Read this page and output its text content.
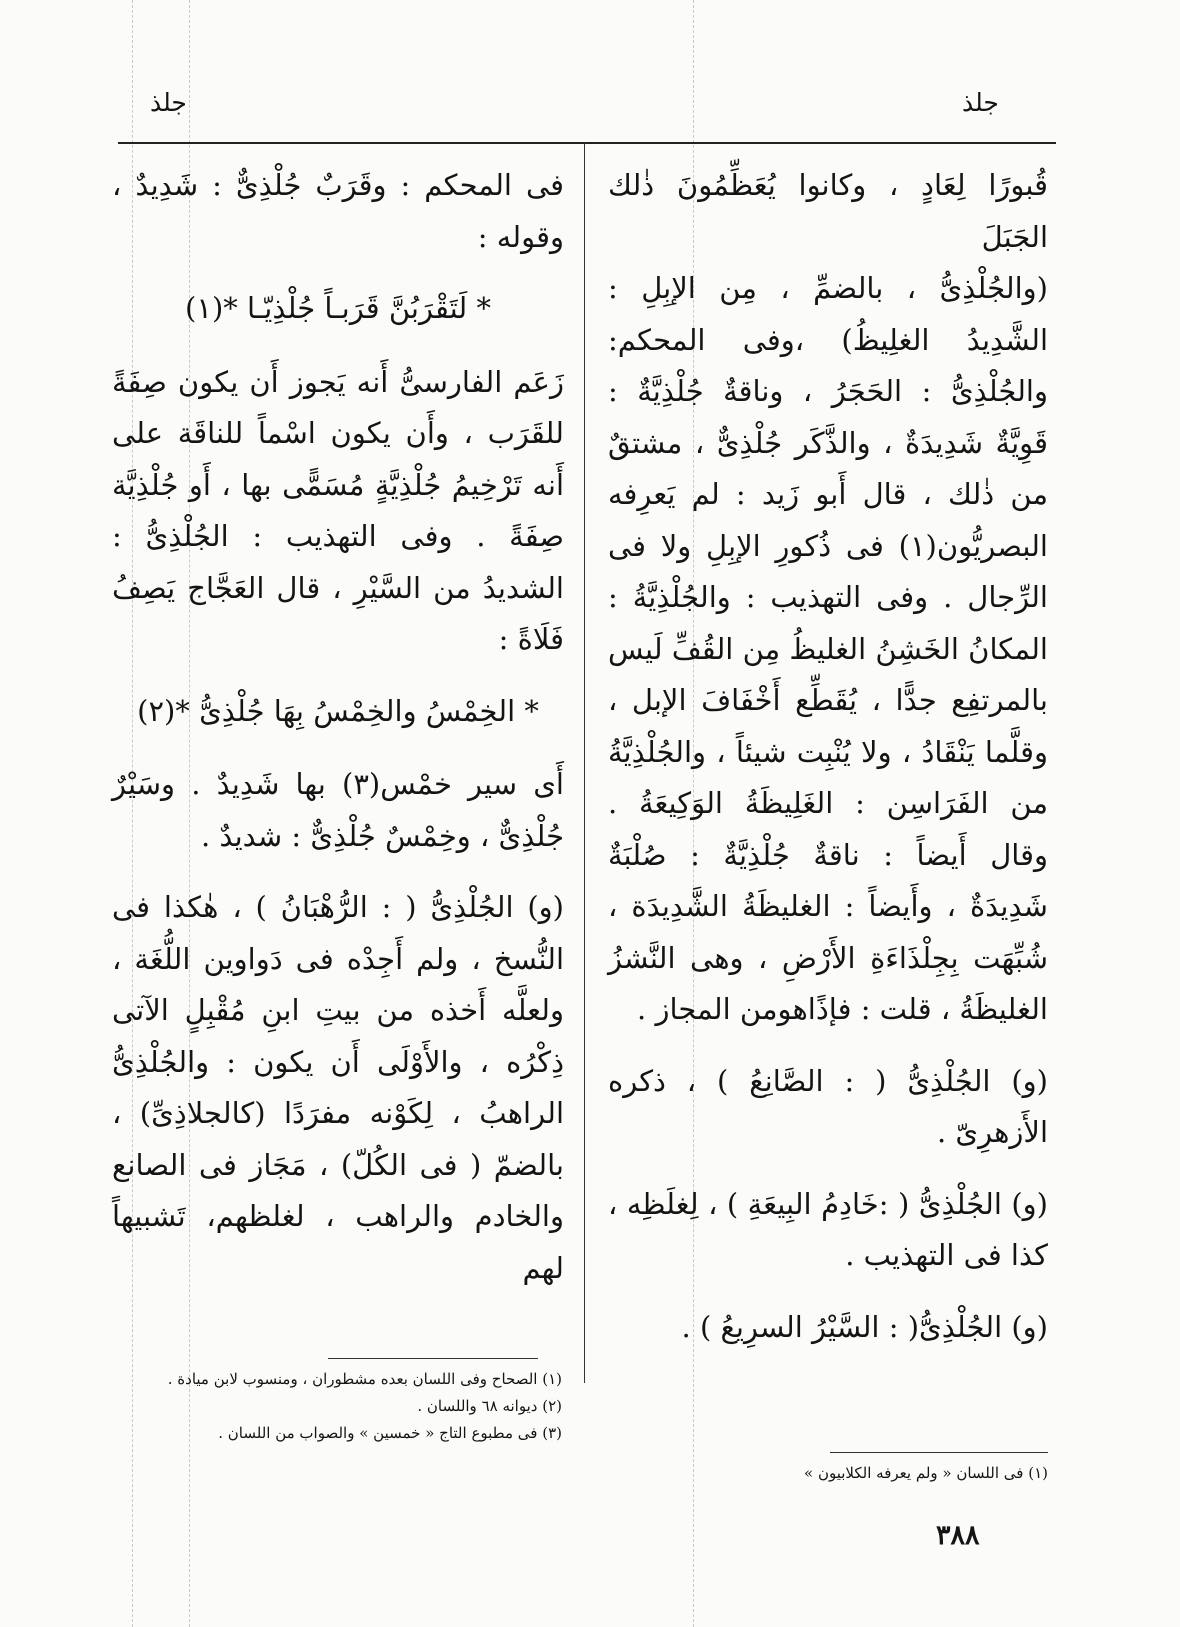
جلذ
جلذ

قُبورًا لِعَادٍ ، وكانوا يُعَظِّمُونَ ذٰلك الجَبَلَ

(والجُلْذِىُّ ، بالضمِّ ، مِن الإبِلِ : الشَّدِيدُ الغلِيظُ) ،وفى المحكم: والجُلْذِىُّ : الحَجَرُ ، وناقةٌ جُلْذِيَّةٌ : قَوِيَّةٌ شَدِيدَةٌ ، والذَّكَر جُلْذِىٌّ ، مشتقٌ من ذٰلك ، قال أَبو زَيد : لم يَعرِفه البصريُّون(١) فى ذُكورِ الإبِلِ ولا فى الرِّجال . وفى التهذيب : والجُلْذِيَّةُ : المكانُ الخَشِنُ الغليظُ مِن القُفِّ لَيس بالمرتفِع جدًّا ، يُقَطِّع أَخْفَافَ الإبل ، وقلَّما يَنْقَادُ ، ولا يُنْبِت شيئاً ، والجُلْذِيَّةُ من الفَرَاسِن : الغَلِيظَةُ الوَكِيعَةُ . وقال أَيضاً : ناقةٌ جُلْذِيَّةٌ : صُلْبَةٌ شَدِيدَةٌ ، وأَيضاً : الغليظَةُ الشَّدِيدَة ، شُبِّهَت بِجِلْذَاءَةِ الأَرْضِ ، وهى النَّشزُ الغليظَةُ ، قلت : فإذًاهومن المجاز .

(و) الجُلْذِىُّ ( : الصَّانِعُ ) ، ذكره الأَزهرِىّ .

(و) الجُلْذِىُّ ( :خَادِمُ البِيعَةِ ) ، لِغلَظِه ، كذا فى التهذيب .

(و) الجُلْذِىُّ( : السَّيْرُ السرِيعُ ) .

فى المحكم : وقَرَبٌ جُلْذِىٌّ : شَدِيدٌ ، وقوله :

* لَتَقْرَبُنَّ قَرَبـاً جُلْذِيّـا *(١)

زَعَم الفارسىُّ أَنه يَجوز أَن يكون صِفَةً للقَرَب ، وأَن يكون اسْماً للناقَة على أَنه تَرْخِيمُ جُلْذِيَّةٍ مُسَمًّى بها ، أَو جُلْذِيَّة صِفَةً . وفى التهذيب : الجُلْذِىُّ : الشديدُ من السَّيْرِ ، قال العَجَّاج يَصِفُ فَلَاةً :

* الخِمْسُ والخِمْسُ بِهَا جُلْذِىُّ *(٢)

أَى سير خمْس(٣) بها شَدِيدٌ . وسَيْرٌ جُلْذِىٌّ ، وخِمْسٌ جُلْذِىٌّ : شديدٌ .

(و) الجُلْذِىُّ ( : الرُّهْبَانُ ) ، هٰكذا فى النُّسخ ، ولم أَجِدْه فى دَواوين اللُّغَة ، ولعلَّه أَخذه من بيتِ ابنِ مُقْبِلٍ الآتى ذِكْرُه ، والأَوْلَى أَن يكون : والجُلْذِىُّ الراهبُ ، لِكَوْنه مفرَدًا (كالجلاذِىِّ) ، بالضمّ ( فى الكُلّ) ، مَجَاز فى الصانع والخادم والراهب ، لغلظهم، تَشبيهاً لهم

(١) الصحاح وفى اللسان بعده مشطوران ، ومنسوب لابن ميادة .
(٢) ديوانه ٦٨ واللسان .
(٣) فى مطبوع التاج « خمسين » والصواب من اللسان .
(١) فى اللسان « ولم يعرفه الكلابيون »
٣٨٨
